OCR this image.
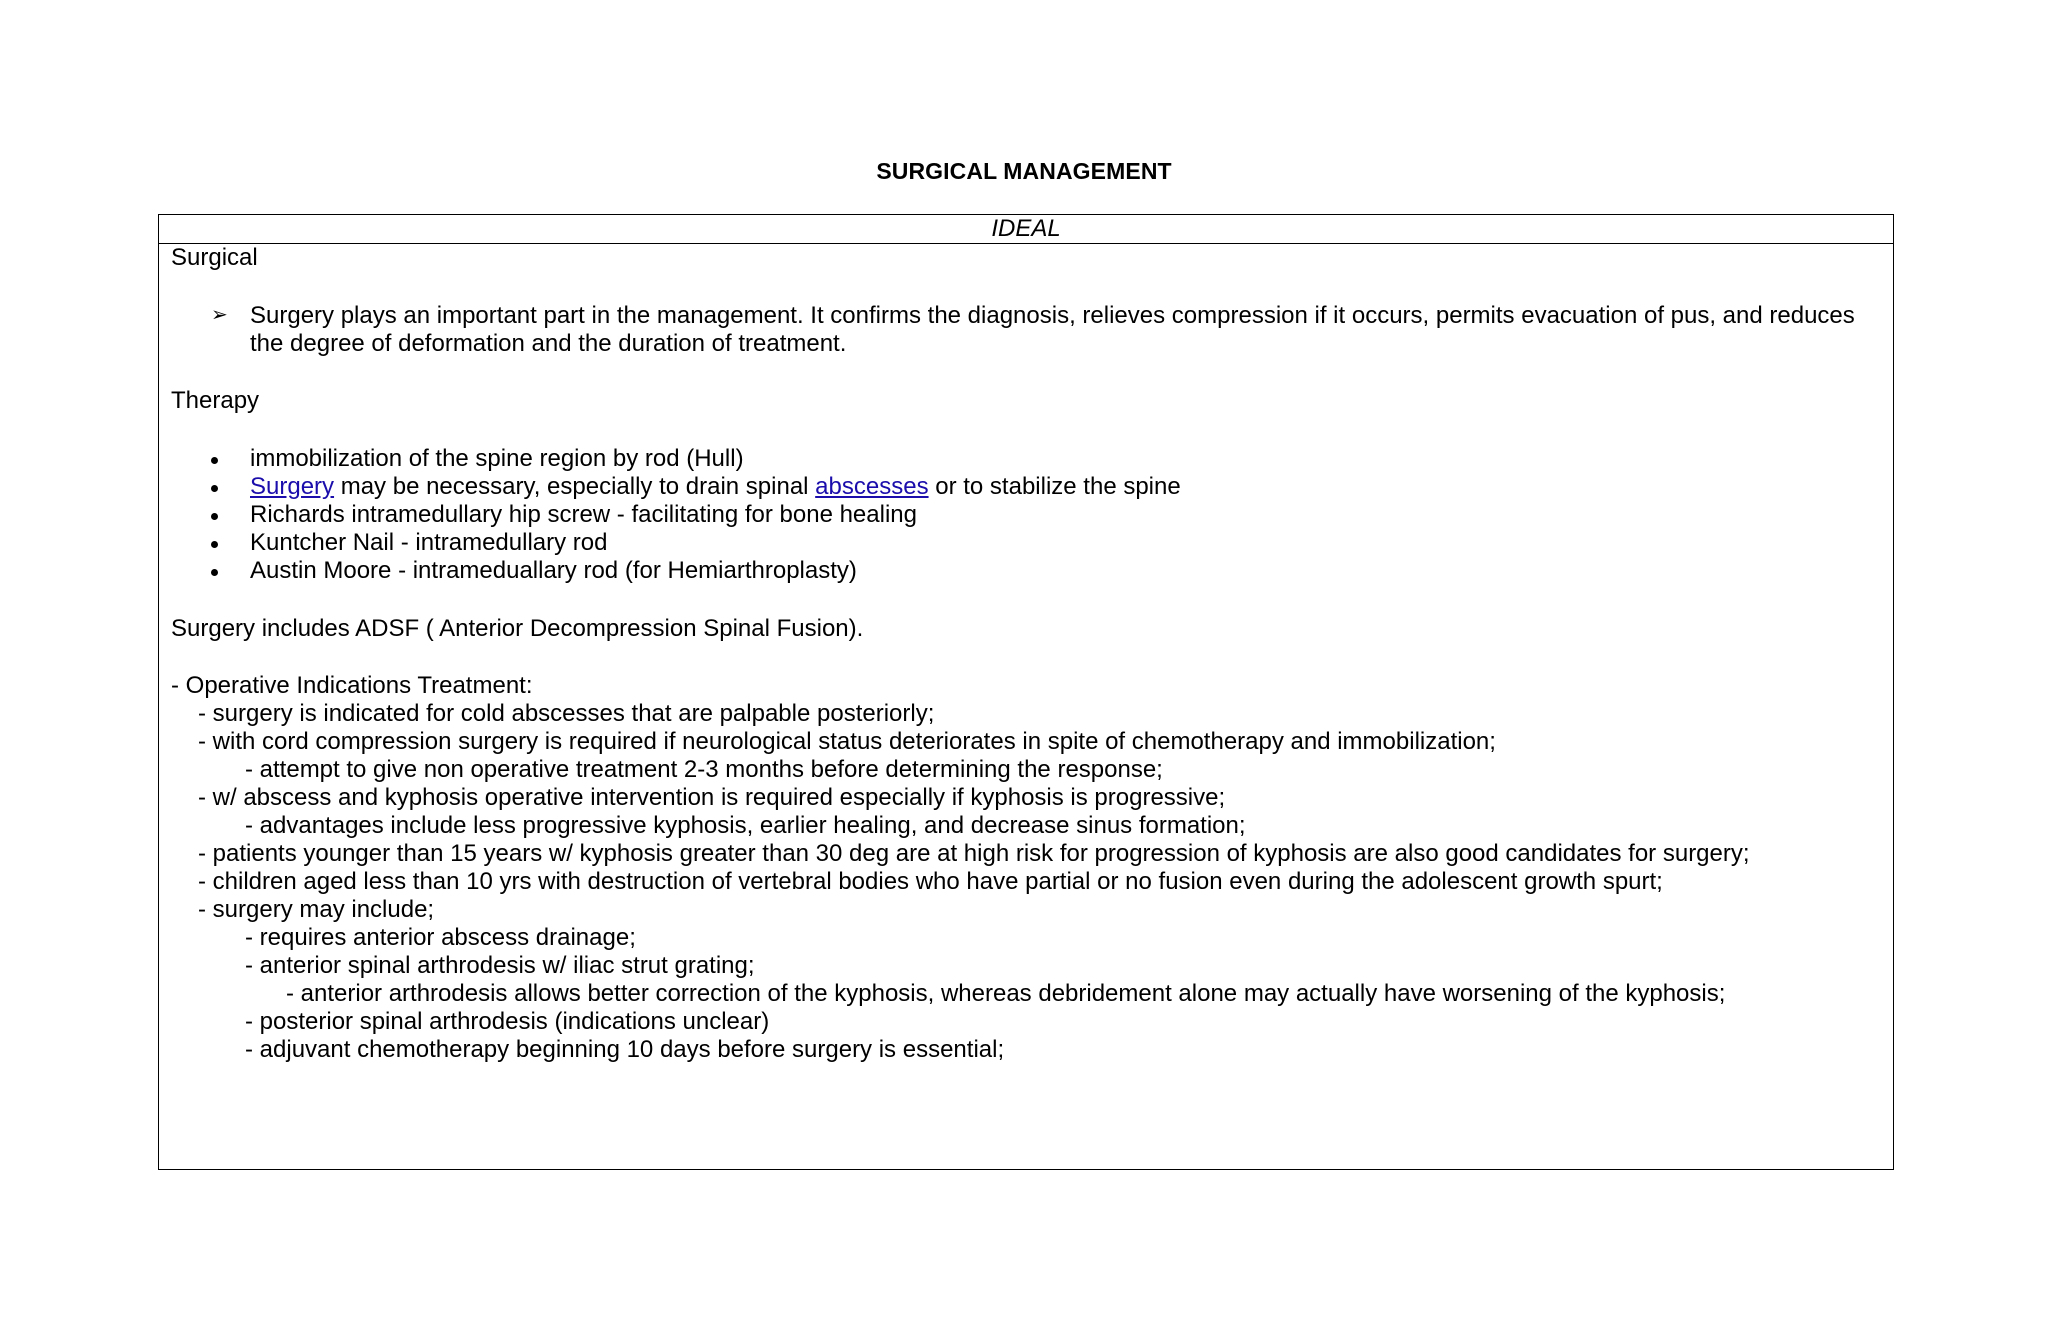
SURGICAL MANAGEMENT
IDEAL
Surgical
➢ Surgery plays an important part in the management. It confirms the diagnosis, relieves compression if it occurs, permits evacuation of pus, and reduces the degree of deformation and the duration of treatment.
Therapy
immobilization of the spine region by rod (Hull)
Surgery may be necessary, especially to drain spinal abscesses or to stabilize the spine
Richards intramedullary hip screw - facilitating for bone healing
Kuntcher Nail - intramedullary rod
Austin Moore - intrameduallary rod (for Hemiarthroplasty)
Surgery includes ADSF ( Anterior Decompression Spinal Fusion).
- Operative Indications Treatment:
- surgery is indicated for cold abscesses that are palpable posteriorly;
- with cord compression surgery is required if neurological status deteriorates in spite of chemotherapy and immobilization;
- attempt to give non operative treatment 2-3 months before determining the response;
- w/ abscess and kyphosis operative intervention is required especially if kyphosis is progressive;
- advantages include less progressive kyphosis, earlier healing, and decrease sinus formation;
- patients younger than 15 years w/ kyphosis greater than 30 deg are at high risk for progression of kyphosis are also good candidates for surgery;
- children aged less than 10 yrs with destruction of vertebral bodies who have partial or no fusion even during the adolescent growth spurt;
- surgery may include;
- requires anterior abscess drainage;
- anterior spinal arthrodesis w/ iliac strut grating;
- anterior arthrodesis allows better correction of the kyphosis, whereas debridement alone may actually have worsening of the kyphosis;
- posterior spinal arthrodesis (indications unclear)
- adjuvant chemotherapy beginning 10 days before surgery is essential;
